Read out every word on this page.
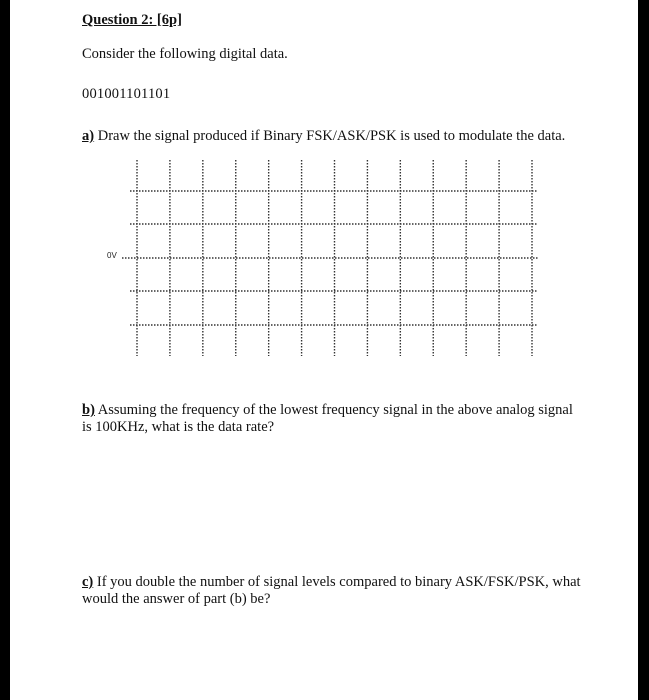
Question 2: [6p]
Consider the following digital data.
001001101101
a) Draw the signal produced if Binary FSK/ASK/PSK is used to modulate the data.
0V
b) Assuming the frequency of the lowest frequency signal in the above analog signal is 100KHz, what is the data rate?
c) If you double the number of signal levels compared to binary ASK/FSK/PSK, what would the answer of part (b) be?
